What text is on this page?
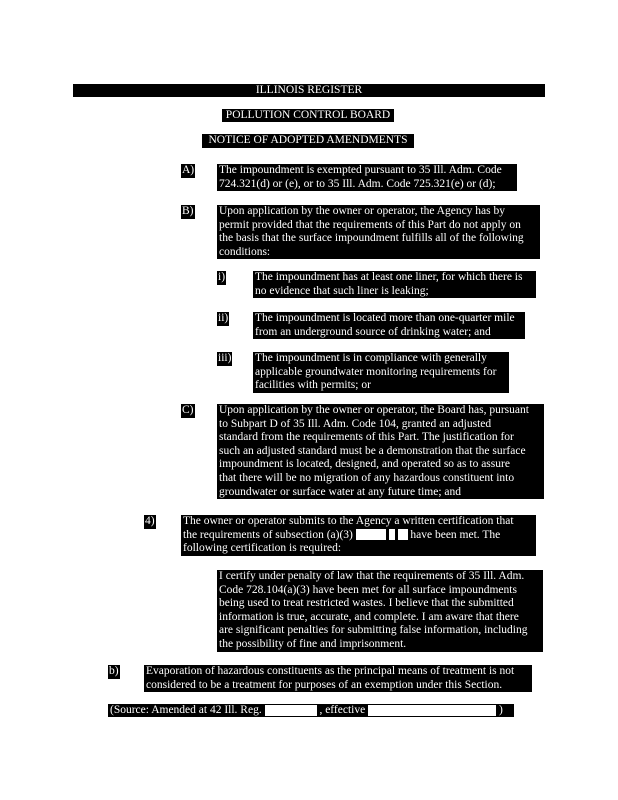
ILLINOIS REGISTER
POLLUTION CONTROL BOARD
NOTICE OF ADOPTED AMENDMENTS
A) The impoundment is exempted pursuant to 35 Ill. Adm. Code
724.321(d) or (e), or to 35 Ill. Adm. Code 725.321(e) or (d);
B) Upon application by the owner or operator, the Agency has by
permit provided that the requirements of this Part do not apply on
the basis that the surface impoundment fulfills all of the following
conditions:
i)	The impoundment has at least one liner, for which there is
no evidence that such liner is leaking;
ii) The impoundment is located more than one-quarter mile
from an underground source of drinking water; and
iii) The impoundment is in compliance with generally
applicable groundwater monitoring requirements for
facilities with permits; or
C) Upon application by the owner or operator, the Board has, pursuant
to Subpart D of 35 Ill. Adm. Code 104, granted an adjusted
standard from the requirements of this Part. The justification for
such an adjusted standard must be a demonstration that the surface
impoundment is located, designed, and operated so as to assure
that there will be no migration of any hazardous constituent into
groundwater or surface water at any future time; and
4) The owner or operator submits to the Agency a written certification that
the requirements of subsection (a)(3)	have been met. The
following certification is required:
I certify under penalty of law that the requirements of 35 Ill. Adm.
Code 728.104(a)(3) have been met for all surface impoundments
being used to treat restricted wastes. I believe that the submitted
information is true, accurate, and complete. I am aware that there
are significant penalties for submitting false information, including
the possibility of fine and imprisonment.
b) Evaporation of hazardous constituents as the principal means of treatment is not
considered to be a treatment for purposes of an exemption under this Section.
(Source: Amended at 42 Ill. Reg.	, effective	)
